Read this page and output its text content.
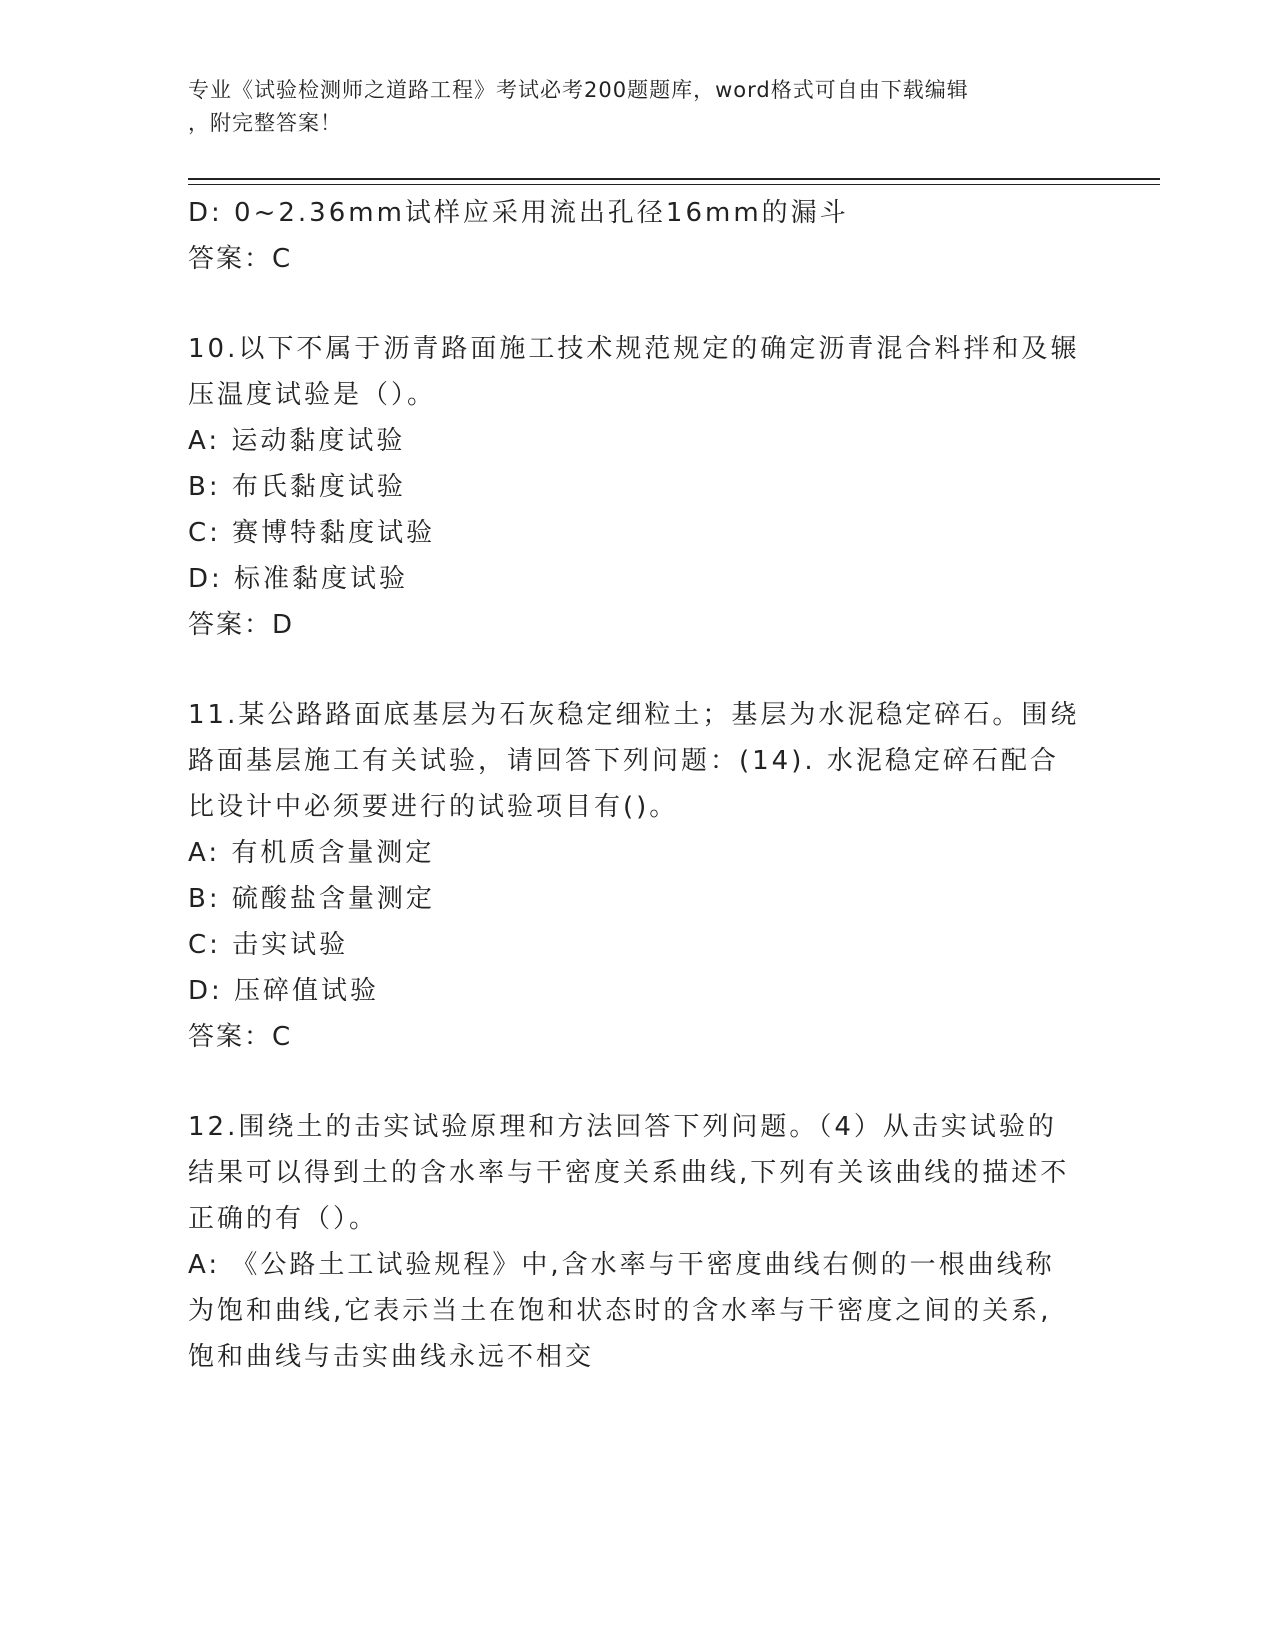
专业《试验检测师之道路工程》考试必考200题题库，word格式可自由下载编辑
，附完整答案！
D: 0~2.36mm试样应采用流出孔径16mm的漏斗
答案：C
10.以下不属于沥青路面施工技术规范规定的确定沥青混合料拌和及辗
压温度试验是（）。
A: 运动黏度试验
B: 布氏黏度试验
C: 赛博特黏度试验
D: 标准黏度试验
答案：D
11.某公路路面底基层为石灰稳定细粒土；基层为水泥稳定碎石。围绕
路面基层施工有关试验，请回答下列问题：(14). 水泥稳定碎石配合
比设计中必须要进行的试验项目有()。
A: 有机质含量测定
B: 硫酸盐含量测定
C: 击实试验
D: 压碎值试验
答案：C
12.围绕土的击实试验原理和方法回答下列问题。（4）从击实试验的
结果可以得到土的含水率与干密度关系曲线,下列有关该曲线的描述不
正确的有（）。
A: 《公路土工试验规程》中,含水率与干密度曲线右侧的一根曲线称
为饱和曲线,它表示当土在饱和状态时的含水率与干密度之间的关系,
饱和曲线与击实曲线永远不相交
